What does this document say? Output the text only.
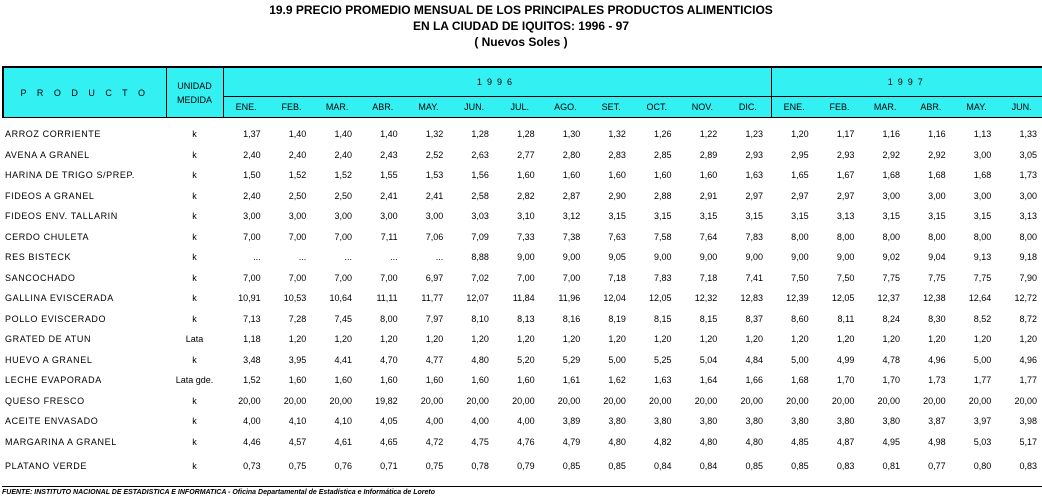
19.9 PRECIO PROMEDIO MENSUAL DE LOS PRINCIPALES PRODUCTOS ALIMENTICIOS
EN LA CIUDAD DE IQUITOS: 1996 - 97
( Nuevos Soles )
P R O D U C T O	UNIDAD
MEDIDA	1996												1997					
		ENE.	FEB.	MAR.	ABR.	MAY.	JUN.	JUL.	AGO.	SET.	OCT.	NOV.	DIC.	ENE.	FEB.	MAR.	ABR.	MAY.	JUN.
ARROZ CORRIENTE	k	1,37	1,40	1,40	1,40	1,32	1,28	1,28	1,30	1,32	1,26	1,22	1,23	1,20	1,17	1,16	1,16	1,13	1,33
AVENA A GRANEL	k	2,40	2,40	2,40	2,43	2,52	2,63	2,77	2,80	2,83	2,85	2,89	2,93	2,95	2,93	2,92	2,92	3,00	3,05
HARINA DE TRIGO S/PREP.	k	1,50	1,52	1,52	1,55	1,53	1,56	1,60	1,60	1,60	1,60	1,60	1,63	1,65	1,67	1,68	1,68	1,68	1,73
FIDEOS A GRANEL	k	2,40	2,50	2,50	2,41	2,41	2,58	2,82	2,87	2,90	2,88	2,91	2,97	2,97	2,97	3,00	3,00	3,00	3,00
FIDEOS ENV. TALLARIN	k	3,00	3,00	3,00	3,00	3,00	3,03	3,10	3,12	3,15	3,15	3,15	3,15	3,15	3,13	3,15	3,15	3,15	3,13
CERDO CHULETA	k	7,00	7,00	7,00	7,11	7,06	7,09	7,33	7,38	7,63	7,58	7,64	7,83	8,00	8,00	8,00	8,00	8,00	8,00
RES BISTECK	k	...	...	...	...	...	8,88	9,00	9,00	9,05	9,00	9,00	9,00	9,00	9,00	9,02	9,04	9,13	9,18
SANCOCHADO	k	7,00	7,00	7,00	7,00	6,97	7,02	7,00	7,00	7,18	7,83	7,18	7,41	7,50	7,50	7,75	7,75	7,75	7,90
GALLINA EVISCERADA	k	10,91	10,53	10,64	11,11	11,77	12,07	11,84	11,96	12,04	12,05	12,32	12,83	12,39	12,05	12,37	12,38	12,64	12,72
POLLO EVISCERADO	k	7,13	7,28	7,45	8,00	7,97	8,10	8,13	8,16	8,19	8,15	8,15	8,37	8,60	8,11	8,24	8,30	8,52	8,72
GRATED DE ATUN	Lata	1,18	1,20	1,20	1,20	1,20	1,20	1,20	1,20	1,20	1,20	1,20	1,20	1,20	1,20	1,20	1,20	1,20	1,20
HUEVO A GRANEL	k	3,48	3,95	4,41	4,70	4,77	4,80	5,20	5,29	5,00	5,25	5,04	4,84	5,00	4,99	4,78	4,96	5,00	4,96
LECHE EVAPORADA	Lata gde.	1,52	1,60	1,60	1,60	1,60	1,60	1,60	1,61	1,62	1,63	1,64	1,66	1,68	1,70	1,70	1,73	1,77	1,77
QUESO FRESCO	k	20,00	20,00	20,00	19,82	20,00	20,00	20,00	20,00	20,00	20,00	20,00	20,00	20,00	20,00	20,00	20,00	20,00	20,00
ACEITE ENVASADO	k	4,00	4,10	4,10	4,05	4,00	4,00	4,00	3,89	3,80	3,80	3,80	3,80	3,80	3,80	3,80	3,87	3,97	3,98
MARGARINA A GRANEL	k	4,46	4,57	4,61	4,65	4,72	4,75	4,76	4,79	4,80	4,82	4,80	4,80	4,85	4,87	4,95	4,98	5,03	5,17
PLATANO VERDE	k	0,73	0,75	0,76	0,71	0,75	0,78	0,79	0,85	0,85	0,84	0,84	0,85	0,85	0,83	0,81	0,77	0,80	0,83
FUENTE: INSTITUTO NACIONAL DE ESTADISTICA E INFORMATICA - Oficina Departamental de Estadística e Informática de Loreto
